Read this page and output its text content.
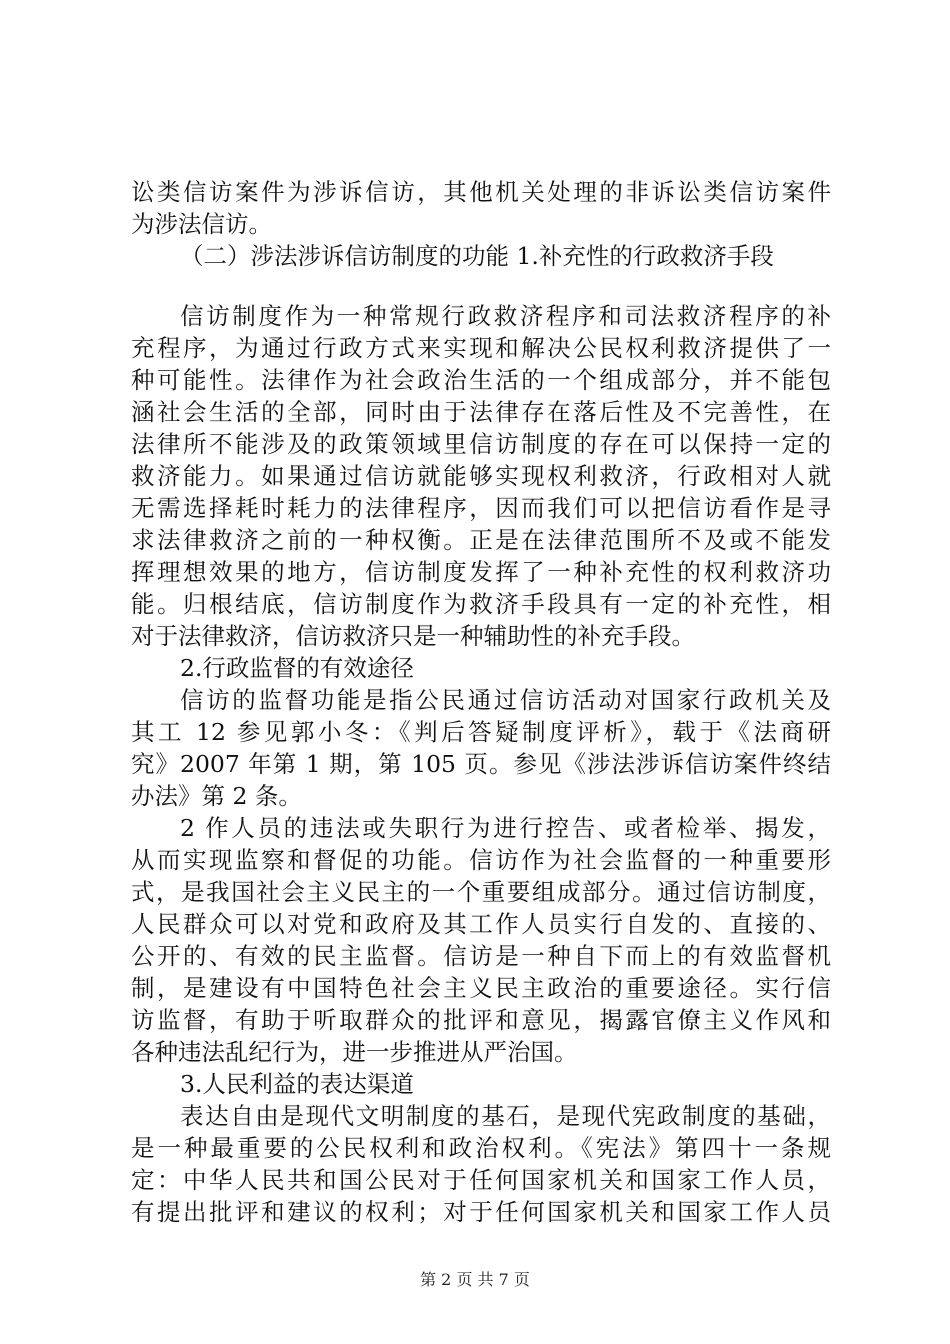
讼类信访案件为涉诉信访，其他机关处理的非诉讼类信访案件
为涉法信访。
（二）涉法涉诉信访制度的功能 1.补充性的行政救济手段
信访制度作为一种常规行政救济程序和司法救济程序的补
充程序，为通过行政方式来实现和解决公民权利救济提供了一
种可能性。法律作为社会政治生活的一个组成部分，并不能包
涵社会生活的全部，同时由于法律存在落后性及不完善性，在
法律所不能涉及的政策领域里信访制度的存在可以保持一定的
救济能力。如果通过信访就能够实现权利救济，行政相对人就
无需选择耗时耗力的法律程序，因而我们可以把信访看作是寻
求法律救济之前的一种权衡。正是在法律范围所不及或不能发
挥理想效果的地方，信访制度发挥了一种补充性的权利救济功
能。归根结底，信访制度作为救济手段具有一定的补充性，相
对于法律救济，信访救济只是一种辅助性的补充手段。
2.行政监督的有效途径
信访的监督功能是指公民通过信访活动对国家行政机关及
其工 12 参见郭小冬：《判后答疑制度评析》，载于《法商研
究》2007 年第 1 期，第 105 页。参见《涉法涉诉信访案件终结
办法》第 2 条。
2 作人员的违法或失职行为进行控告、或者检举、揭发，
从而实现监察和督促的功能。信访作为社会监督的一种重要形
式，是我国社会主义民主的一个重要组成部分。通过信访制度，
人民群众可以对党和政府及其工作人员实行自发的、直接的、
公开的、有效的民主监督。信访是一种自下而上的有效监督机
制，是建设有中国特色社会主义民主政治的重要途径。实行信
访监督，有助于听取群众的批评和意见，揭露官僚主义作风和
各种违法乱纪行为，进一步推进从严治国。
3.人民利益的表达渠道
表达自由是现代文明制度的基石，是现代宪政制度的基础，
是一种最重要的公民权利和政治权利。《宪法》第四十一条规
定：中华人民共和国公民对于任何国家机关和国家工作人员，
有提出批评和建议的权利；对于任何国家机关和国家工作人员
第 2 页 共 7 页
